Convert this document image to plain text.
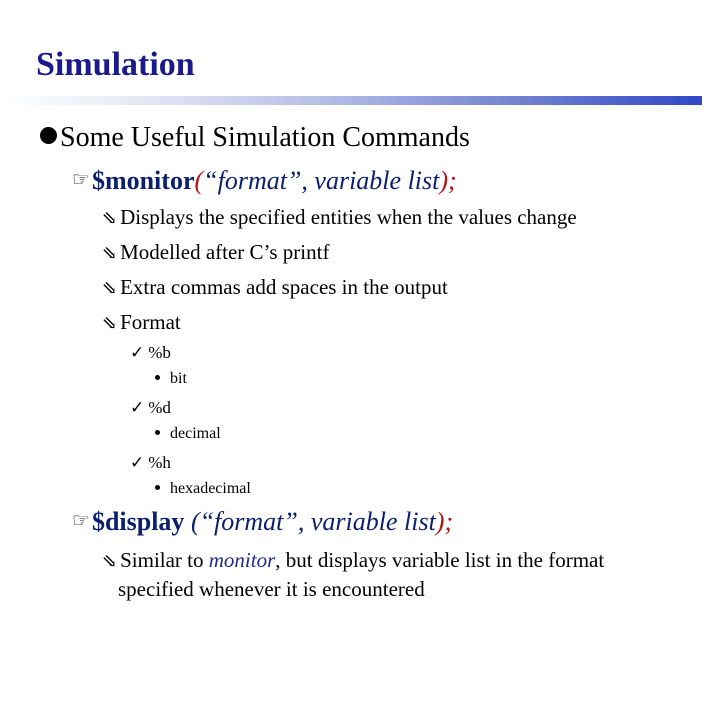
Simulation
Some Useful Simulation Commands
☞$monitor(“format”, variable list);
⇘ Displays the specified entities when the values change
⇘ Modelled after C’s printf
⇘ Extra commas add spaces in the output
⇘ Format
✓ %b
bit
✓ %d
decimal
✓ %h
hexadecimal
☞$display (“format”, variable list);
⇘ Similar to monitor, but displays variable list in the format
specified whenever it is encountered
